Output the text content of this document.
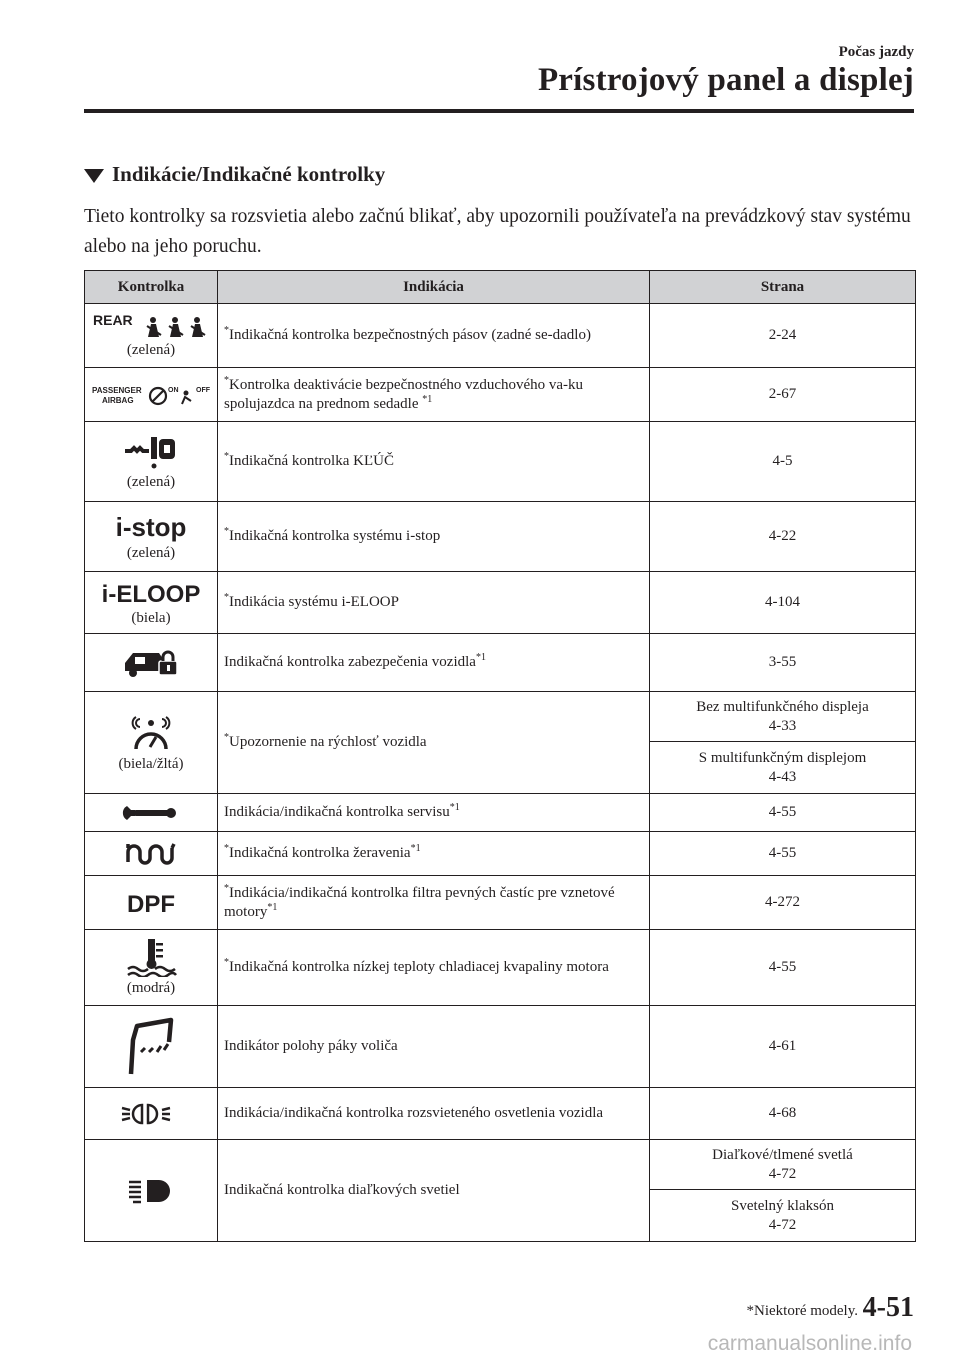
Počas jazdy
Prístrojový panel a displej
Indikácie/Indikačné kontrolky
Tieto kontrolky sa rozsvietia alebo začnú blikať, aby upozornili používateľa na prevádzkový stav systému alebo na jeho poruchu.
Kontrolka	Indikácia	Strana

REAR
(zelená)	*Indikačná kontrolka bezpečnostných pásov (zadné se-dadlo)	2-24

PASSENGER
AIRBAG
ON OFF	*Kontrolka deaktivácie bezpečnostného vzduchového va-ku spolujazdca na prednom sedadle $^{*1}$	2-67

(zelená)	*Indikačná kontrolka KĽÚČ	4-5

i-stop
(zelená)	*Indikačná kontrolka systému i-stop	4-22

i-ELOOP
(biela)	*Indikácia systému i-ELOOP	4-104

	Indikačná kontrolka zabezpečenia vozidla$^{*1}$	3-55

(biela/žltá)	*Upozornenie na rýchlosť vozidla	Bez multifunkčného displeja
4-33
		S multifunkčným displejom
4-43

	Indikácia/indikačná kontrolka servisu$^{*1}$	4-55

	*Indikačná kontrolka žeravenia$^{*1}$	4-55

DPF	*Indikácia/indikačná kontrolka filtra pevných častíc pre vznetové motory$^{*1}$	4-272

(modrá)	*Indikačná kontrolka nízkej teploty chladiacej kvapaliny motora	4-55

	Indikátor polohy páky voliča	4-61

	Indikácia/indikačná kontrolka rozsvieteného osvetlenia vozidla	4-68

	Indikačná kontrolka diaľkových svetiel	Diaľkové/tlmené svetlá
4-72
		Svetelný klaksón
4-72
*Niektoré modely. 4-51
carmanualsonline.info
